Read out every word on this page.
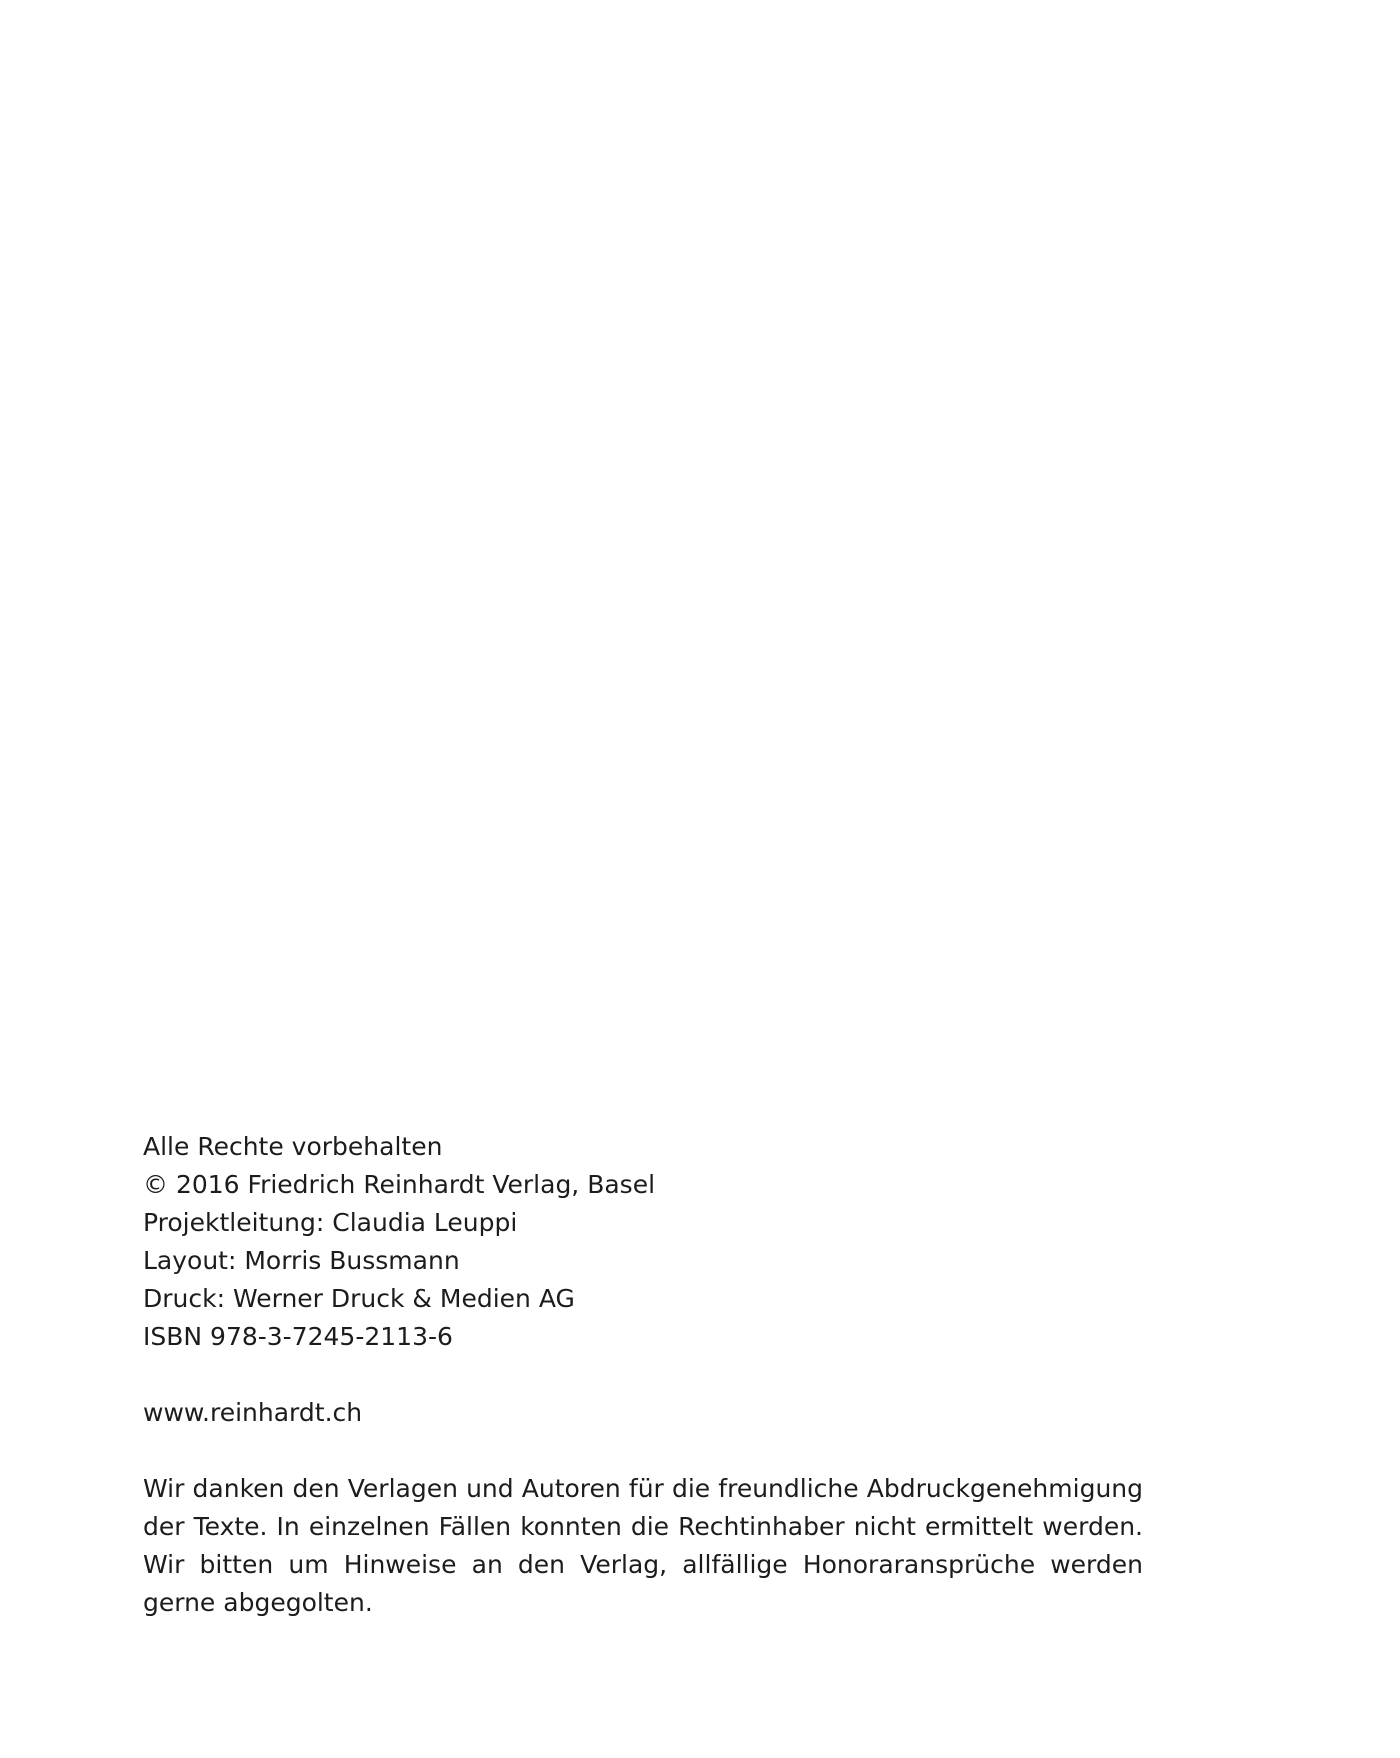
Alle Rechte vorbehalten
© 2016 Friedrich Reinhardt Verlag, Basel
Projektleitung: Claudia Leuppi
Layout: Morris Bussmann
Druck: Werner Druck & Medien AG
ISBN 978-3-7245-2113-6
www.reinhardt.ch
Wir danken den Verlagen und Autoren für die freundliche Abdruckgenehmigung der Texte. In einzelnen Fällen konnten die Rechtinhaber nicht ermittelt werden. Wir bitten um Hinweise an den Verlag, allfällige Honoraransprüche werden gerne abgegolten.
